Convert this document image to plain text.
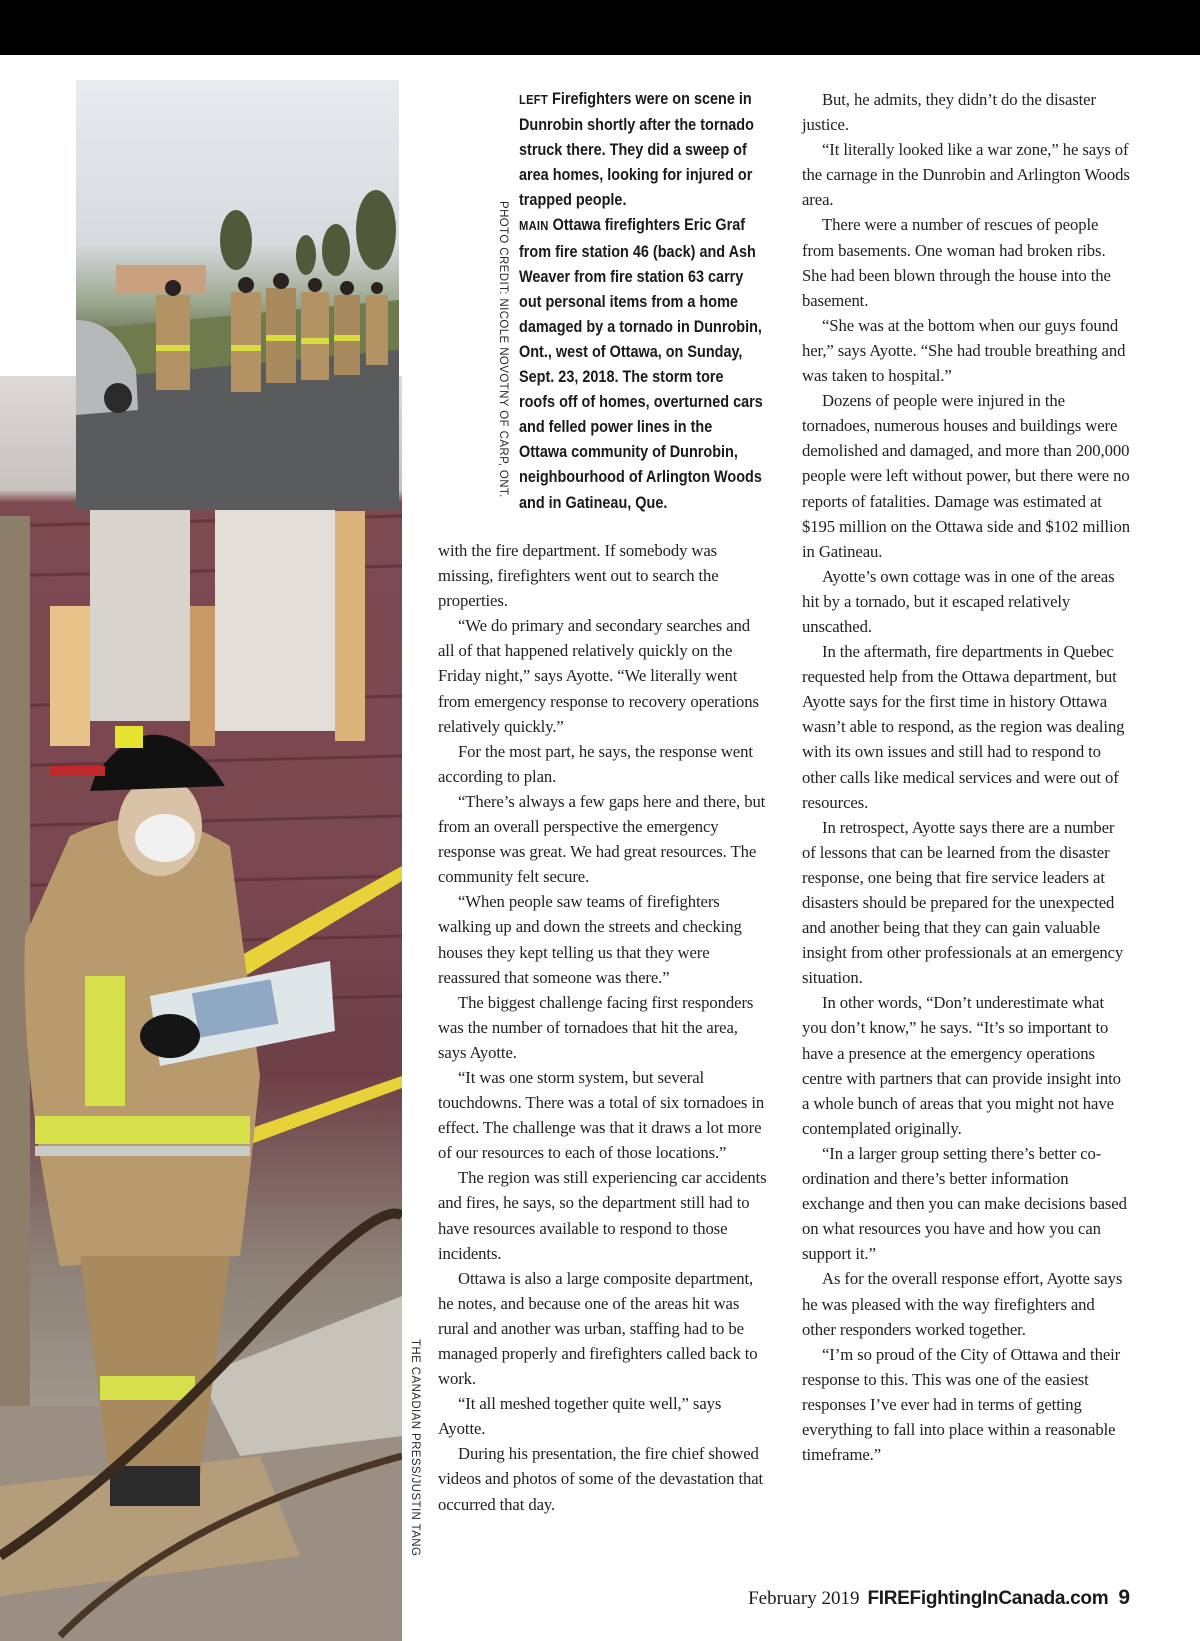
PHOTO CREDIT: NICOLE NOVOTNY OF CARP, ONT.
THE CANADIAN PRESS/JUSTIN TANG

LEFT Firefighters were on scene in Dunrobin shortly after the tornado struck there. They did a sweep of area homes, looking for injured or trapped people.

MAIN Ottawa firefighters Eric Graf from fire station 46 (back) and Ash Weaver from fire station 63 carry out personal items from a home damaged by a tornado in Dunrobin, Ont., west of Ottawa, on Sunday, Sept. 23, 2018. The storm tore roofs off of homes, overturned cars and felled power lines in the Ottawa community of Dunrobin, neighbourhood of Arlington Woods and in Gatineau, Que.

with the fire department. If somebody was missing, firefighters went out to search the properties.

“We do primary and secondary searches and all of that happened relatively quickly on the Friday night,” says Ayotte. “We literally went from emergency response to recovery operations relatively quickly.”

For the most part, he says, the response went according to plan.

“There’s always a few gaps here and there, but from an overall perspective the emergency response was great. We had great resources. The community felt secure.

“When people saw teams of firefighters walking up and down the streets and checking houses they kept telling us that they were reassured that someone was there.”

The biggest challenge facing first responders was the number of tornadoes that hit the area, says Ayotte.

“It was one storm system, but several touchdowns. There was a total of six tornadoes in effect. The challenge was that it draws a lot more of our resources to each of those locations.”

The region was still experiencing car accidents and fires, he says, so the department still had to have resources available to respond to those incidents.

Ottawa is also a large composite department, he notes, and because one of the areas hit was rural and another was urban, staffing had to be managed properly and firefighters called back to work.

“It all meshed together quite well,” says Ayotte.

During his presentation, the fire chief showed videos and photos of some of the devastation that occurred that day.

But, he admits, they didn’t do the disaster justice.

“It literally looked like a war zone,” he says of the carnage in the Dunrobin and Arlington Woods area.

There were a number of rescues of people from basements. One woman had broken ribs. She had been blown through the house into the basement.

“She was at the bottom when our guys found her,” says Ayotte. “She had trouble breathing and was taken to hospital.”

Dozens of people were injured in the tornadoes, numerous houses and buildings were demolished and damaged, and more than 200,000 people were left without power, but there were no reports of fatalities. Damage was estimated at $195 million on the Ottawa side and $102 million in Gatineau.

Ayotte’s own cottage was in one of the areas hit by a tornado, but it escaped relatively unscathed.

In the aftermath, fire departments in Quebec requested help from the Ottawa department, but Ayotte says for the first time in history Ottawa wasn’t able to respond, as the region was dealing with its own issues and still had to respond to other calls like medical services and were out of resources.

In retrospect, Ayotte says there are a number of lessons that can be learned from the disaster response, one being that fire service leaders at disasters should be prepared for the unexpected and another being that they can gain valuable insight from other professionals at an emergency situation.

In other words, “Don’t underestimate what you don’t know,” he says. “It’s so important to have a presence at the emergency operations centre with partners that can provide insight into a whole bunch of areas that you might not have contemplated originally.

“In a larger group setting there’s better co-ordination and there’s better information exchange and then you can make decisions based on what resources you have and how you can support it.”

As for the overall response effort, Ayotte says he was pleased with the way firefighters and other responders worked together.

“I’m so proud of the City of Ottawa and their response to this. This was one of the easiest responses I’ve ever had in terms of getting everything to fall into place within a reasonable timeframe.”

February 2019 FIREFightingInCanada.com 9
